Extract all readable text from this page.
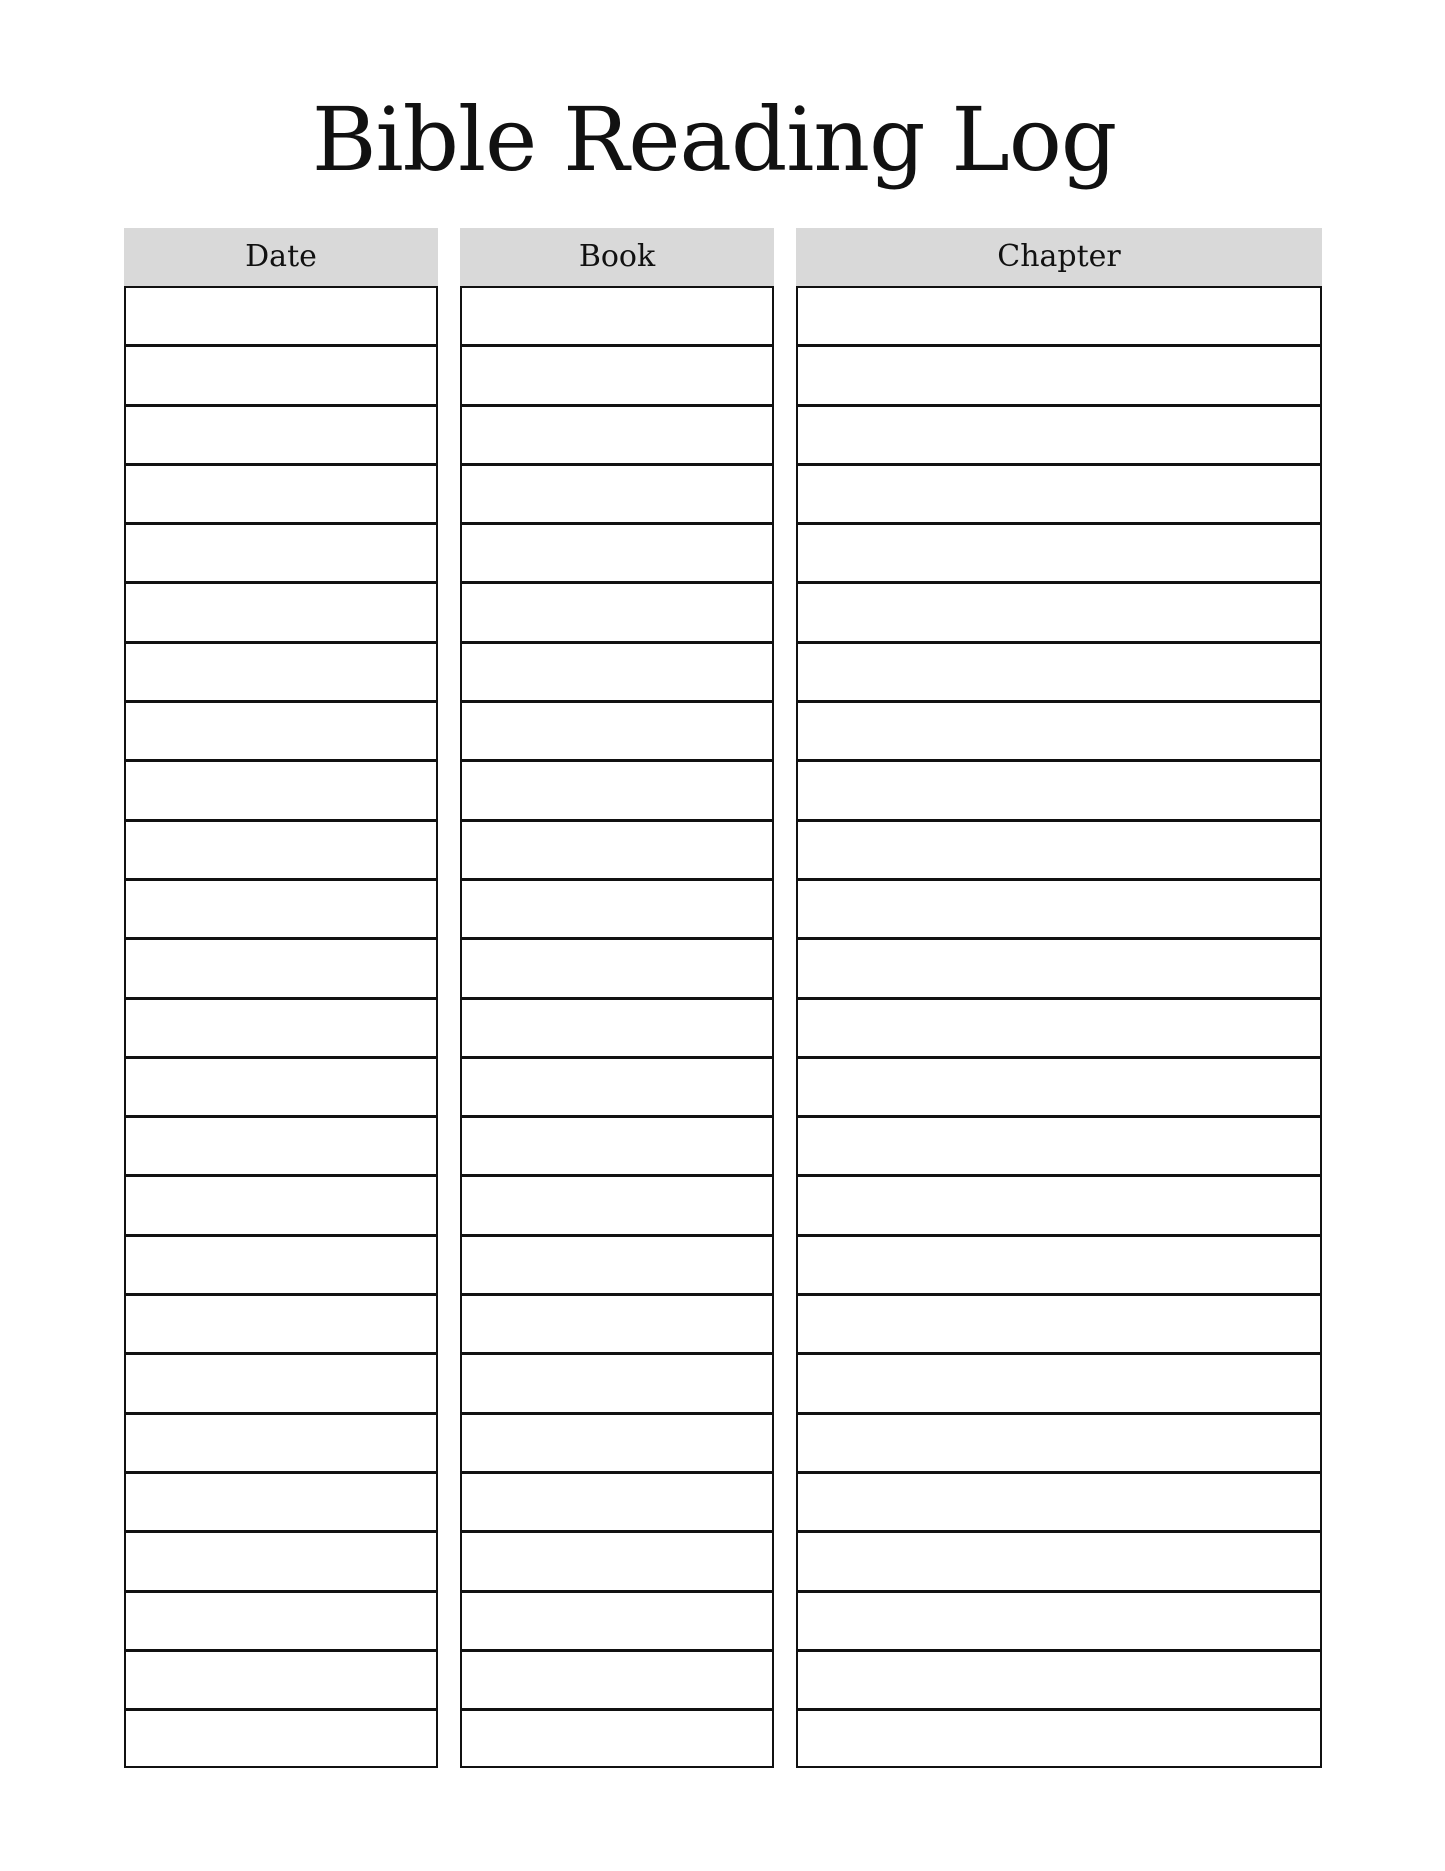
Bible Reading Log
Date	Book	Chapter
